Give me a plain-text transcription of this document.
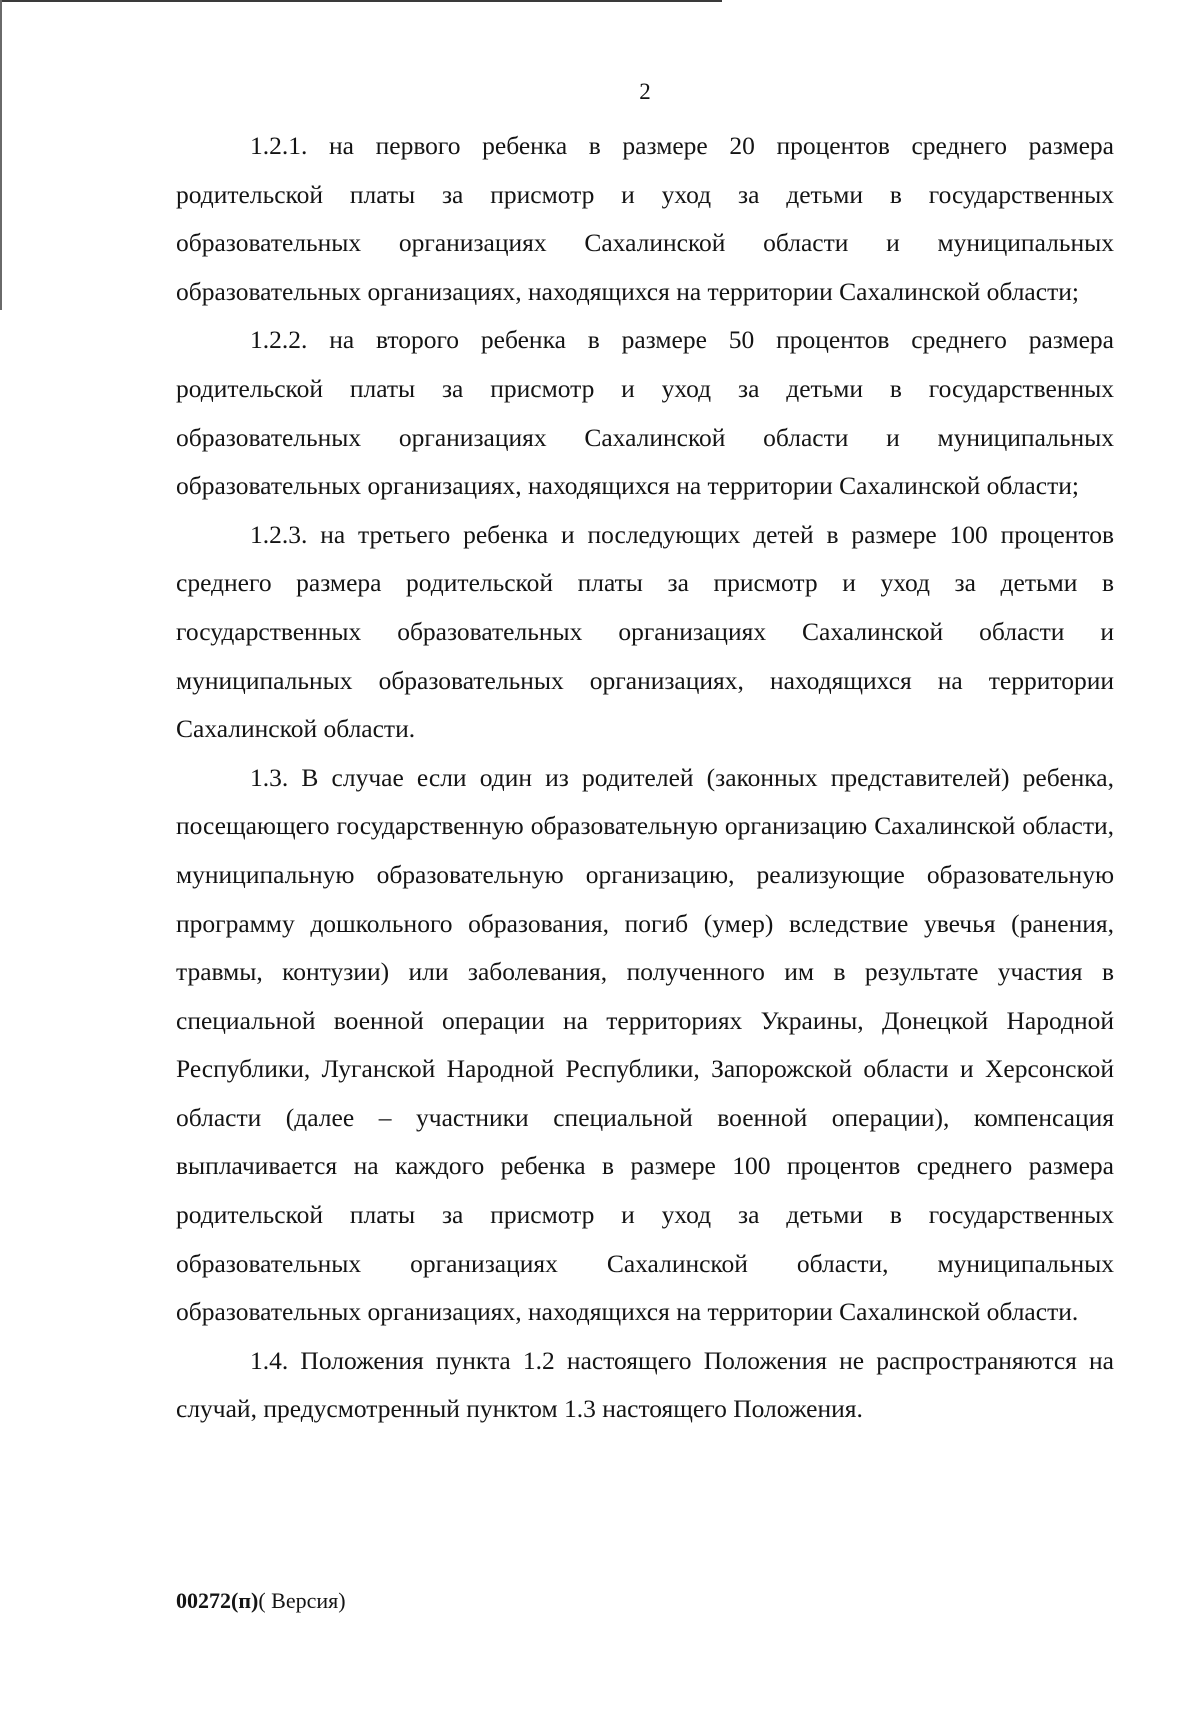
2

1.2.1. на первого ребенка в размере 20 процентов среднего размера родительской платы за присмотр и уход за детьми в государственных образовательных организациях Сахалинской области и муниципальных образовательных организациях, находящихся на территории Сахалинской области;

1.2.2. на второго ребенка в размере 50 процентов среднего размера родительской платы за присмотр и уход за детьми в государственных образовательных организациях Сахалинской области и муниципальных образовательных организациях, находящихся на территории Сахалинской области;

1.2.3. на третьего ребенка и последующих детей в размере 100 процентов среднего размера родительской платы за присмотр и уход за детьми в государственных образовательных организациях Сахалинской области и муниципальных образовательных организациях, находящихся на территории Сахалинской области.

1.3. В случае если один из родителей (законных представителей) ребенка, посещающего государственную образовательную организацию Сахалинской области, муниципальную образовательную организацию, реализующие образовательную программу дошкольного образования, погиб (умер) вследствие увечья (ранения, травмы, контузии) или заболевания, полученного им в результате участия в специальной военной операции на территориях Украины, Донецкой Народной Республики, Луганской Народной Республики, Запорожской области и Херсонской области (далее – участники специальной военной операции), компенсация выплачивается на каждого ребенка в размере 100 процентов среднего размера родительской платы за присмотр и уход за детьми в государственных образовательных организациях Сахалинской области, муниципальных образовательных организациях, находящихся на территории Сахалинской области.

1.4. Положения пункта 1.2 настоящего Положения не распространяются на случай, предусмотренный пунктом 1.3 настоящего Положения.

00272(п)( Версия)
